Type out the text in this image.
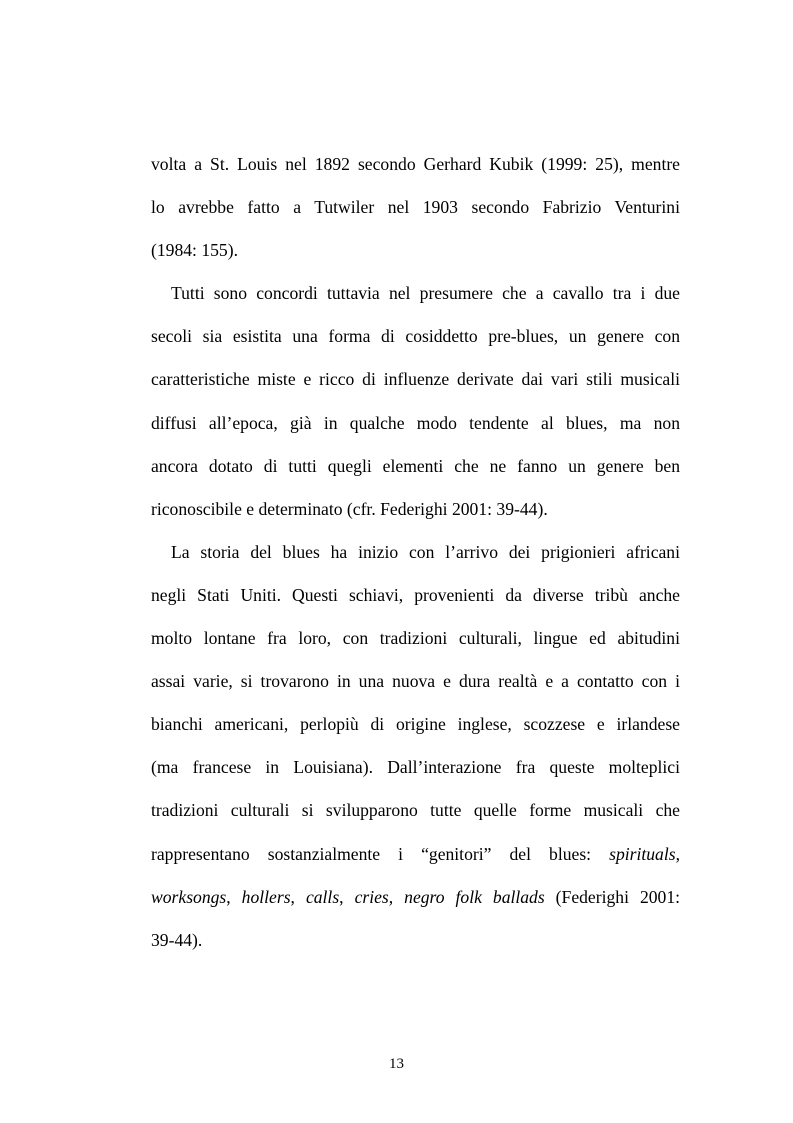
volta a St. Louis nel 1892 secondo Gerhard Kubik (1999: 25), mentre
lo avrebbe fatto a Tutwiler nel 1903 secondo Fabrizio Venturini
(1984: 155).
Tutti sono concordi tuttavia nel presumere che a cavallo tra i due
secoli sia esistita una forma di cosiddetto pre-blues, un genere con
caratteristiche miste e ricco di influenze derivate dai vari stili musicali
diffusi all’epoca, già in qualche modo tendente al blues, ma non
ancora dotato di tutti quegli elementi che ne fanno un genere ben
riconoscibile e determinato (cfr. Federighi 2001: 39-44).
La storia del blues ha inizio con l’arrivo dei prigionieri africani
negli Stati Uniti. Questi schiavi, provenienti da diverse tribù anche
molto lontane fra loro, con tradizioni culturali, lingue ed abitudini
assai varie, si trovarono in una nuova e dura realtà e a contatto con i
bianchi americani, perlopiù di origine inglese, scozzese e irlandese
(ma francese in Louisiana). Dall’interazione fra queste molteplici
tradizioni culturali si svilupparono tutte quelle forme musicali che
rappresentano sostanzialmente i “genitori” del blues: spirituals,
worksongs, hollers, calls, cries, negro folk ballads (Federighi 2001:
39-44).
13
